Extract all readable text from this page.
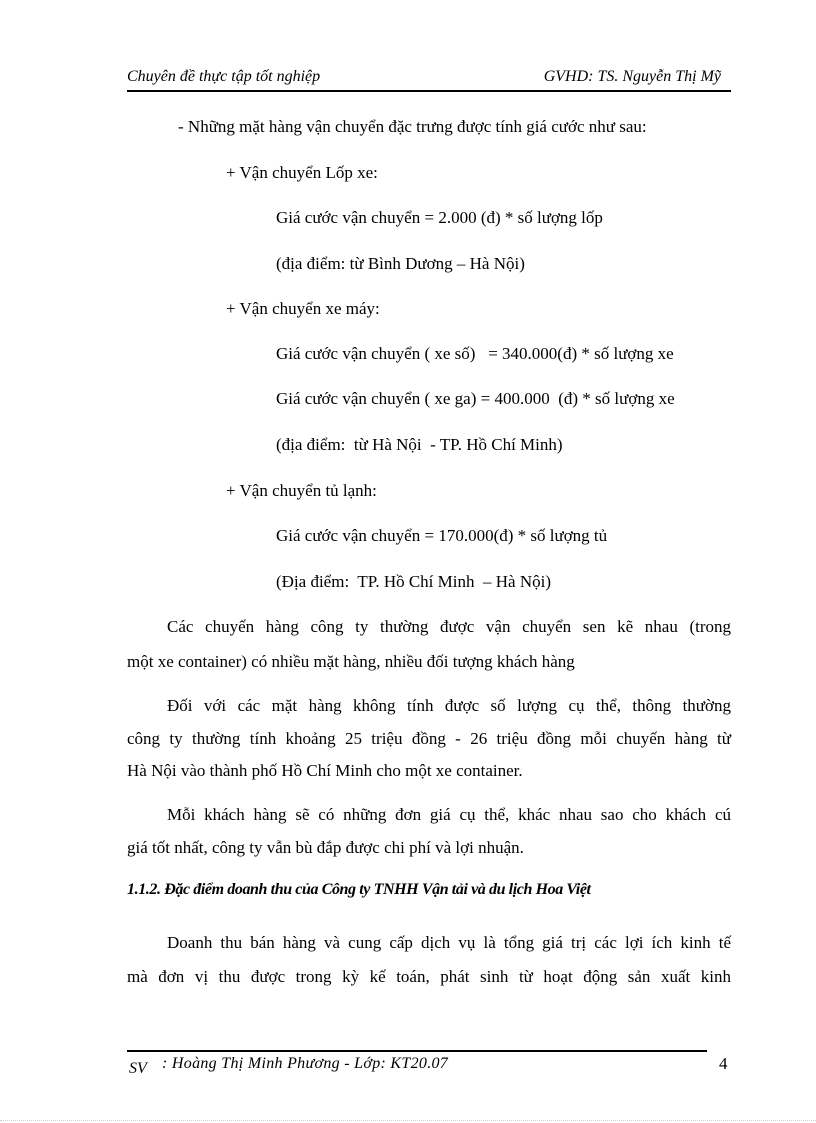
Chuyên đề thực tập tốt nghiệp	GVHD: TS. Nguyễn Thị Mỹ
- Những mặt hàng vận chuyển đặc trưng được tính giá cước như sau:
+ Vận chuyển Lốp xe:
Giá cước vận chuyển = 2.000 (đ) * số lượng lốp
(địa điểm: từ Bình Dương – Hà Nội)
+ Vận chuyển xe máy:
Giá cước vận chuyển ( xe số)   = 340.000(đ) * số lượng xe
Giá cước vận chuyển ( xe ga) = 400.000  (đ) * số lượng xe
(địa điểm:  từ Hà Nội  - TP. Hồ Chí Minh)
+ Vận chuyển tủ lạnh:
Giá cước vận chuyển = 170.000(đ) * số lượng tủ
(Địa điểm:  TP. Hồ Chí Minh  – Hà Nội)
Các chuyến hàng công ty thường được vận chuyển sen kẽ nhau (trong
một xe container) có nhiều mặt hàng, nhiều đối tượng khách hàng
Đối với các mặt hàng không tính được số lượng cụ thể, thông thường
công ty thường tính khoảng 25 triệu đồng - 26 triệu đồng mỗi chuyến hàng từ
Hà Nội vào thành phố Hồ Chí Minh cho một xe container.
Mỗi khách hàng sẽ có những đơn giá cụ thể, khác nhau sao cho khách cú
giá tốt nhất, công ty vẫn bù đắp được chi phí và lợi nhuận.
1.1.2. Đặc điểm doanh thu của Công ty TNHH Vận tải và du lịch Hoa Việt
Doanh thu bán hàng và cung cấp dịch vụ là tổng giá trị các lợi ích kinh tế
mà đơn vị thu được trong kỳ kế toán, phát sinh từ hoạt động sản xuất kinh
SV : Hoàng Thị Minh Phương - Lớp: KT20.07	4
